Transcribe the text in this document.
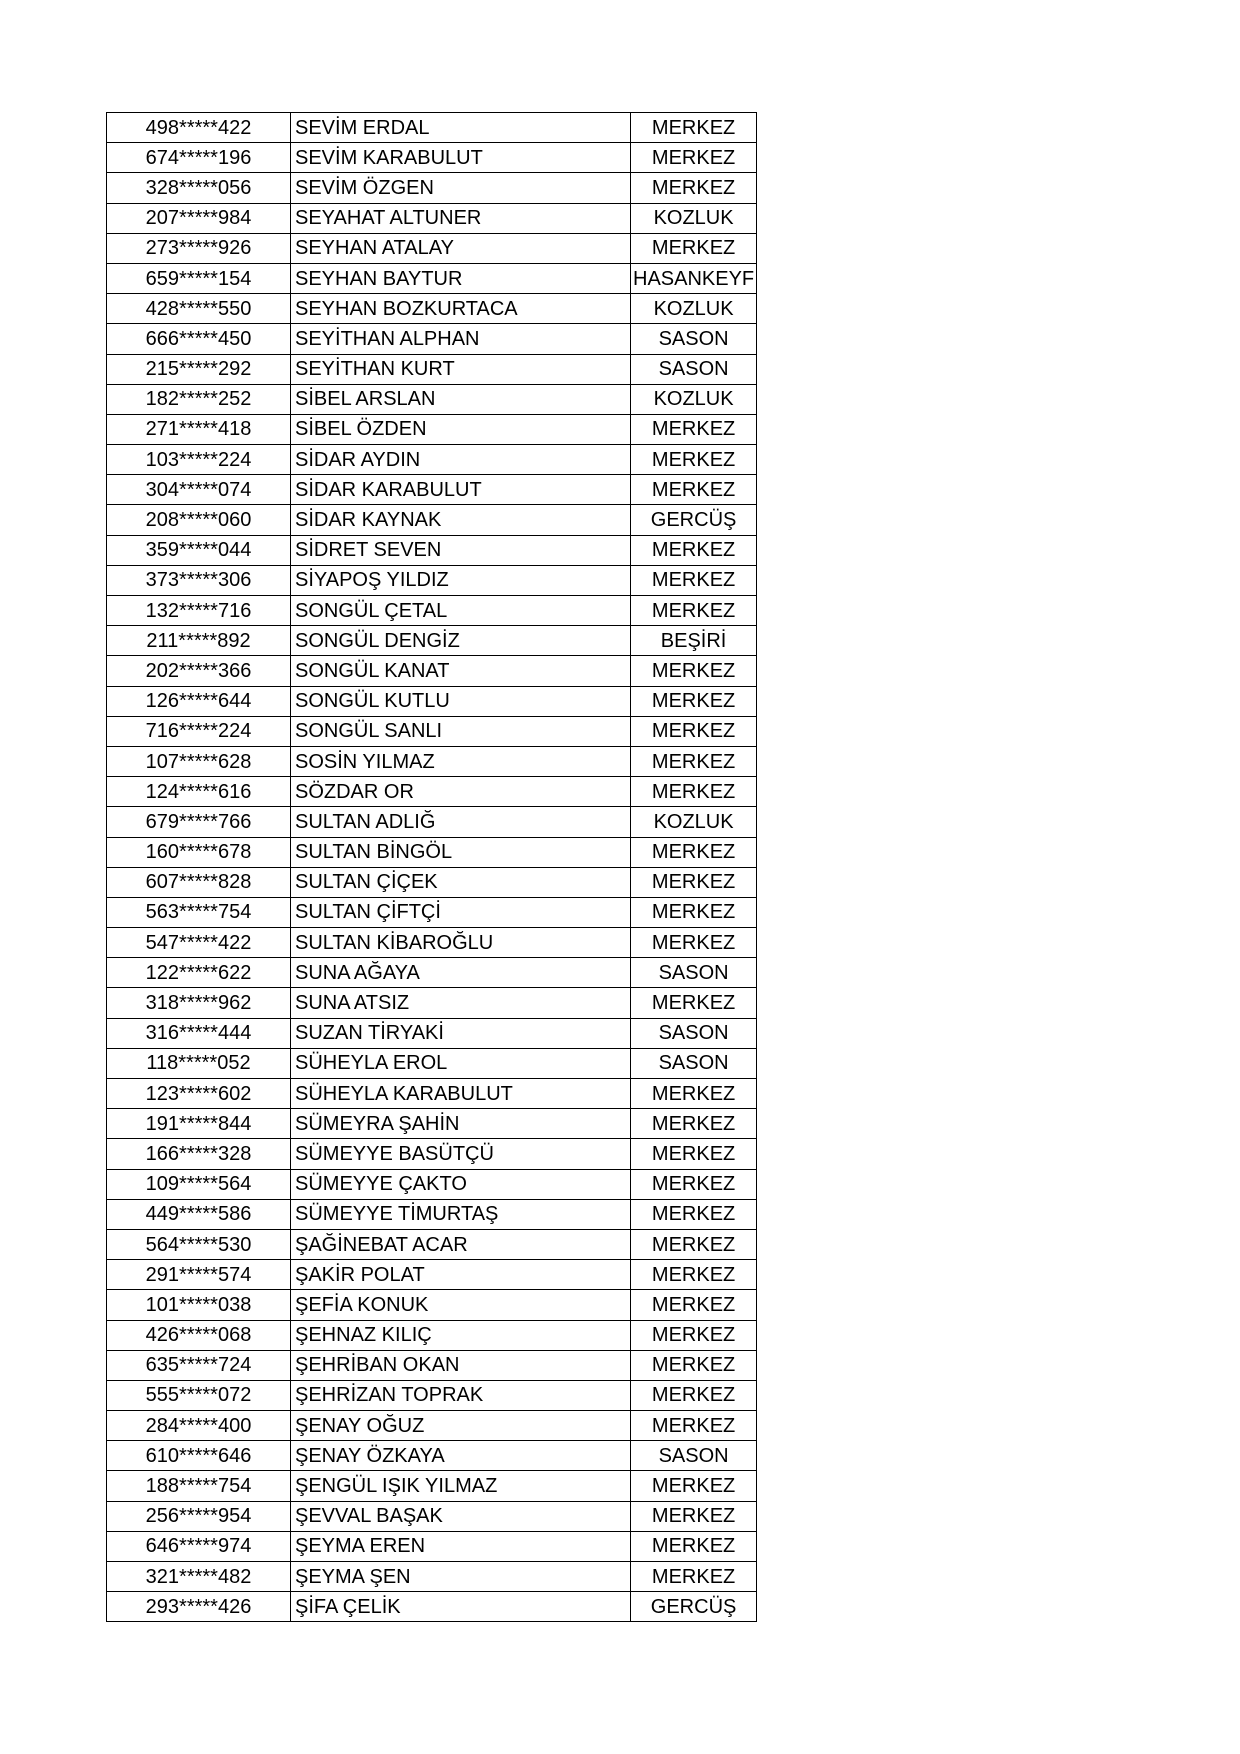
498*****422	SEVİM ERDAL	MERKEZ
674*****196	SEVİM KARABULUT	MERKEZ
328*****056	SEVİM ÖZGEN	MERKEZ
207*****984	SEYAHAT ALTUNER	KOZLUK
273*****926	SEYHAN ATALAY	MERKEZ
659*****154	SEYHAN BAYTUR	HASANKEYF
428*****550	SEYHAN BOZKURTACA	KOZLUK
666*****450	SEYİTHAN ALPHAN	SASON
215*****292	SEYİTHAN KURT	SASON
182*****252	SİBEL ARSLAN	KOZLUK
271*****418	SİBEL ÖZDEN	MERKEZ
103*****224	SİDAR AYDIN	MERKEZ
304*****074	SİDAR KARABULUT	MERKEZ
208*****060	SİDAR KAYNAK	GERCÜŞ
359*****044	SİDRET SEVEN	MERKEZ
373*****306	SİYAPOŞ YILDIZ	MERKEZ
132*****716	SONGÜL ÇETAL	MERKEZ
211*****892	SONGÜL DENGİZ	BEŞİRİ
202*****366	SONGÜL KANAT	MERKEZ
126*****644	SONGÜL KUTLU	MERKEZ
716*****224	SONGÜL SANLI	MERKEZ
107*****628	SOSİN YILMAZ	MERKEZ
124*****616	SÖZDAR OR	MERKEZ
679*****766	SULTAN ADLIĞ	KOZLUK
160*****678	SULTAN BİNGÖL	MERKEZ
607*****828	SULTAN ÇİÇEK	MERKEZ
563*****754	SULTAN ÇİFTÇİ	MERKEZ
547*****422	SULTAN KİBAROĞLU	MERKEZ
122*****622	SUNA AĞAYA	SASON
318*****962	SUNA ATSIZ	MERKEZ
316*****444	SUZAN TİRYAKİ	SASON
118*****052	SÜHEYLA EROL	SASON
123*****602	SÜHEYLA KARABULUT	MERKEZ
191*****844	SÜMEYRA ŞAHİN	MERKEZ
166*****328	SÜMEYYE BASÜTÇÜ	MERKEZ
109*****564	SÜMEYYE ÇAKTO	MERKEZ
449*****586	SÜMEYYE TİMURTAŞ	MERKEZ
564*****530	ŞAĞİNEBAT ACAR	MERKEZ
291*****574	ŞAKİR POLAT	MERKEZ
101*****038	ŞEFİA KONUK	MERKEZ
426*****068	ŞEHNAZ KILIÇ	MERKEZ
635*****724	ŞEHRİBAN OKAN	MERKEZ
555*****072	ŞEHRİZAN TOPRAK	MERKEZ
284*****400	ŞENAY OĞUZ	MERKEZ
610*****646	ŞENAY ÖZKAYA	SASON
188*****754	ŞENGÜL IŞIK YILMAZ	MERKEZ
256*****954	ŞEVVAL BAŞAK	MERKEZ
646*****974	ŞEYMA EREN	MERKEZ
321*****482	ŞEYMA ŞEN	MERKEZ
293*****426	ŞİFA ÇELİK	GERCÜŞ
